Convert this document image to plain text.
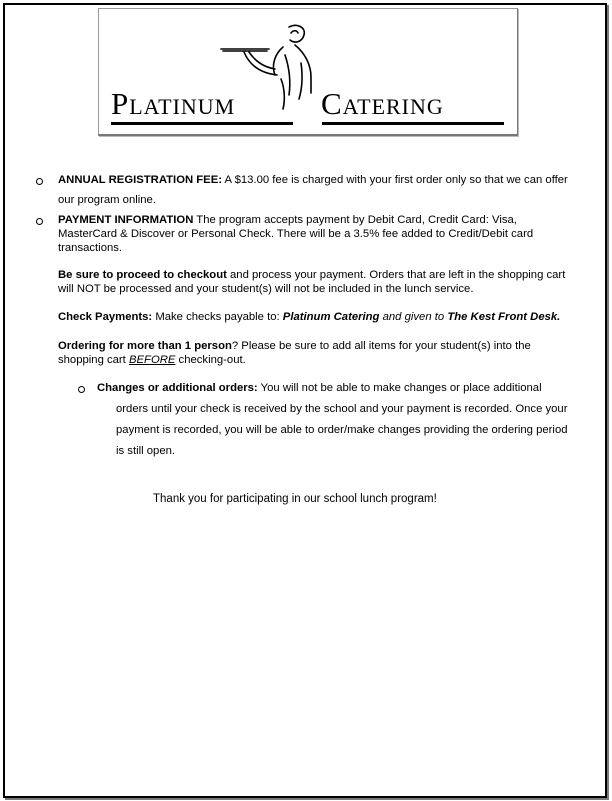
Platinum	Catering
ANNUAL REGISTRATION FEE: A $13.00 fee is charged with your first order only so that we can offer
our program online.
PAYMENT INFORMATION The program accepts payment by Debit Card, Credit Card: Visa,
MasterCard & Discover or Personal Check. There will be a 3.5% fee added to Credit/Debit card
transactions.
Be sure to proceed to checkout and process your payment. Orders that are left in the shopping cart
will NOT be processed and your student(s) will not be included in the lunch service.
Check Payments: Make checks payable to: Platinum Catering and given to The Kest Front Desk.
Ordering for more than 1 person? Please be sure to add all items for your student(s) into the
shopping cart BEFORE checking-out.
Changes or additional orders: You will not be able to make changes or place additional
orders until your check is received by the school and your payment is recorded. Once your
payment is recorded, you will be able to order/make changes providing the ordering period
is still open.
Thank you for participating in our school lunch program!
